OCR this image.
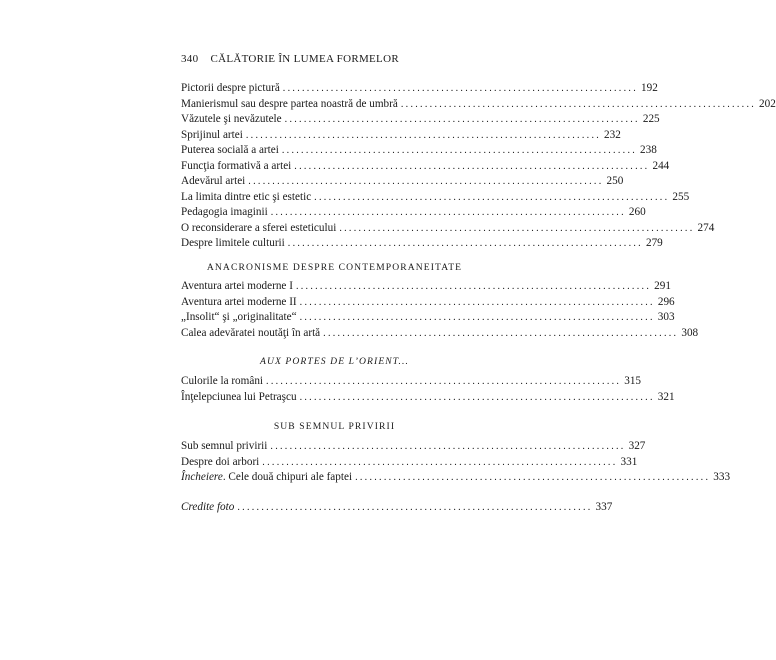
340 CĂLĂTORIE ÎN LUMEA FORMELOR
Pictorii despre pictură .......................................................................... 192
Manierismul sau despre partea noastră de umbră .......................................................................... 202
Văzutele şi nevăzutele .......................................................................... 225
Sprijinul artei .......................................................................... 232
Puterea socială a artei .......................................................................... 238
Funcţia formativă a artei .......................................................................... 244
Adevărul artei .......................................................................... 250
La limita dintre etic şi estetic .......................................................................... 255
Pedagogia imaginii .......................................................................... 260
O reconsiderare a sferei esteticului .......................................................................... 274
Despre limitele culturii .......................................................................... 279
ANACRONISME DESPRE CONTEMPORANEITATE
Aventura artei moderne I .......................................................................... 291
Aventura artei moderne II .......................................................................... 296
„Insolit“ şi „originalitate“ .......................................................................... 303
Calea adevăratei noutăţi în artă .......................................................................... 308
AUX PORTES DE L’ORIENT...
Culorile la români .......................................................................... 315
Înţelepciunea lui Petraşcu .......................................................................... 321
SUB SEMNUL PRIVIRII
Sub semnul privirii .......................................................................... 327
Despre doi arbori .......................................................................... 331
Încheiere. Cele două chipuri ale faptei .......................................................................... 333
Credite foto .......................................................................... 337
